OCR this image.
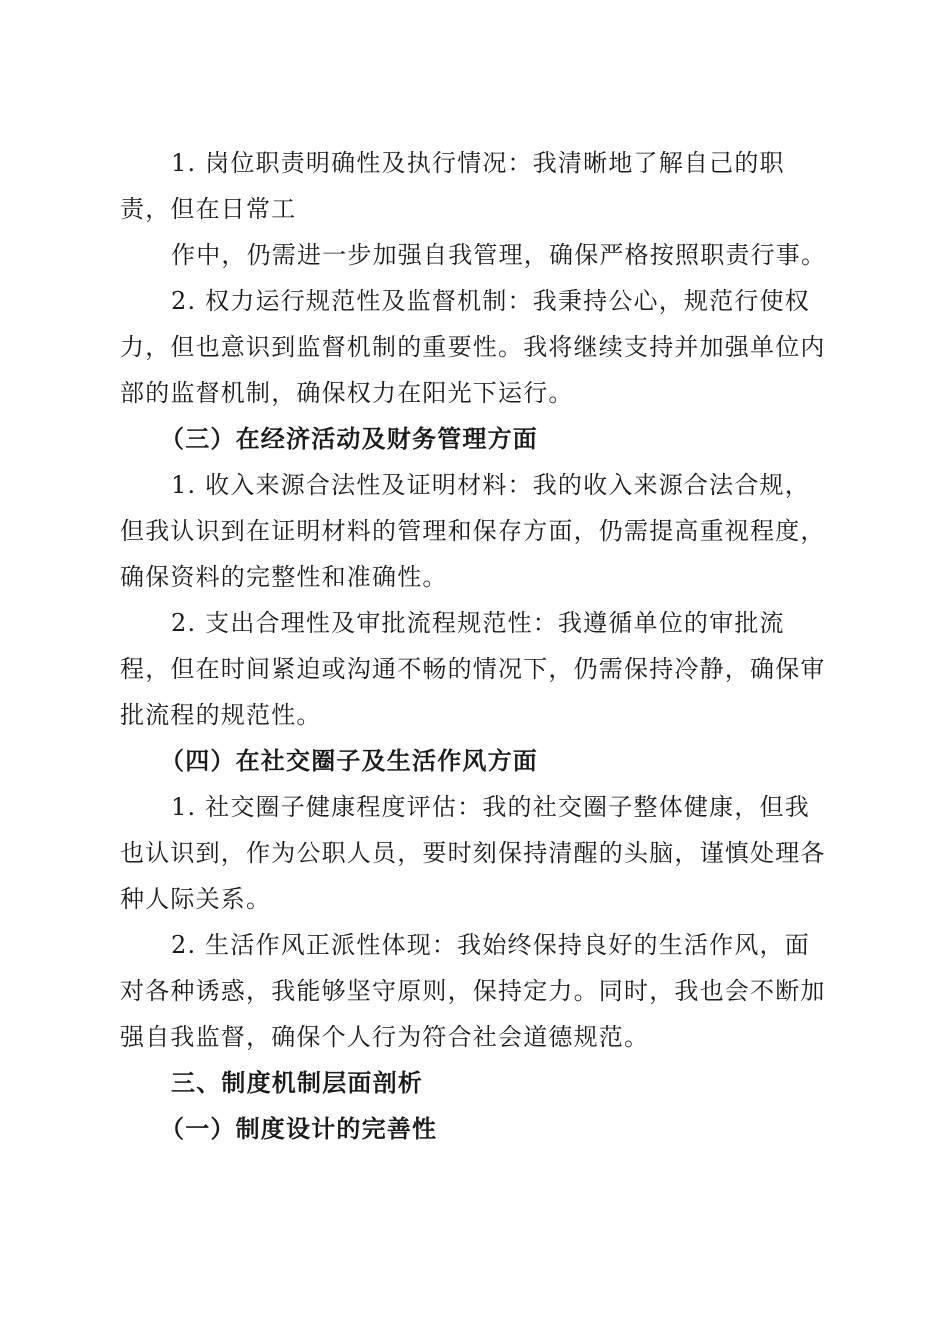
1. 岗位职责明确性及执行情况：我清晰地了解自己的职责，但在日常工

作中，仍需进一步加强自我管理，确保严格按照职责行事。

2. 权力运行规范性及监督机制：我秉持公心，规范行使权力，但也意识到监督机制的重要性。我将继续支持并加强单位内部的监督机制，确保权力在阳光下运行。

（三）在经济活动及财务管理方面

1. 收入来源合法性及证明材料：我的收入来源合法合规，但我认识到在证明材料的管理和保存方面，仍需提高重视程度，确保资料的完整性和准确性。

2. 支出合理性及审批流程规范性：我遵循单位的审批流程，但在时间紧迫或沟通不畅的情况下，仍需保持冷静，确保审批流程的规范性。

（四）在社交圈子及生活作风方面

1. 社交圈子健康程度评估：我的社交圈子整体健康，但我也认识到，作为公职人员，要时刻保持清醒的头脑，谨慎处理各种人际关系。

2. 生活作风正派性体现：我始终保持良好的生活作风，面对各种诱惑，我能够坚守原则，保持定力。同时，我也会不断加强自我监督，确保个人行为符合社会道德规范。

三、制度机制层面剖析

（一）制度设计的完善性
